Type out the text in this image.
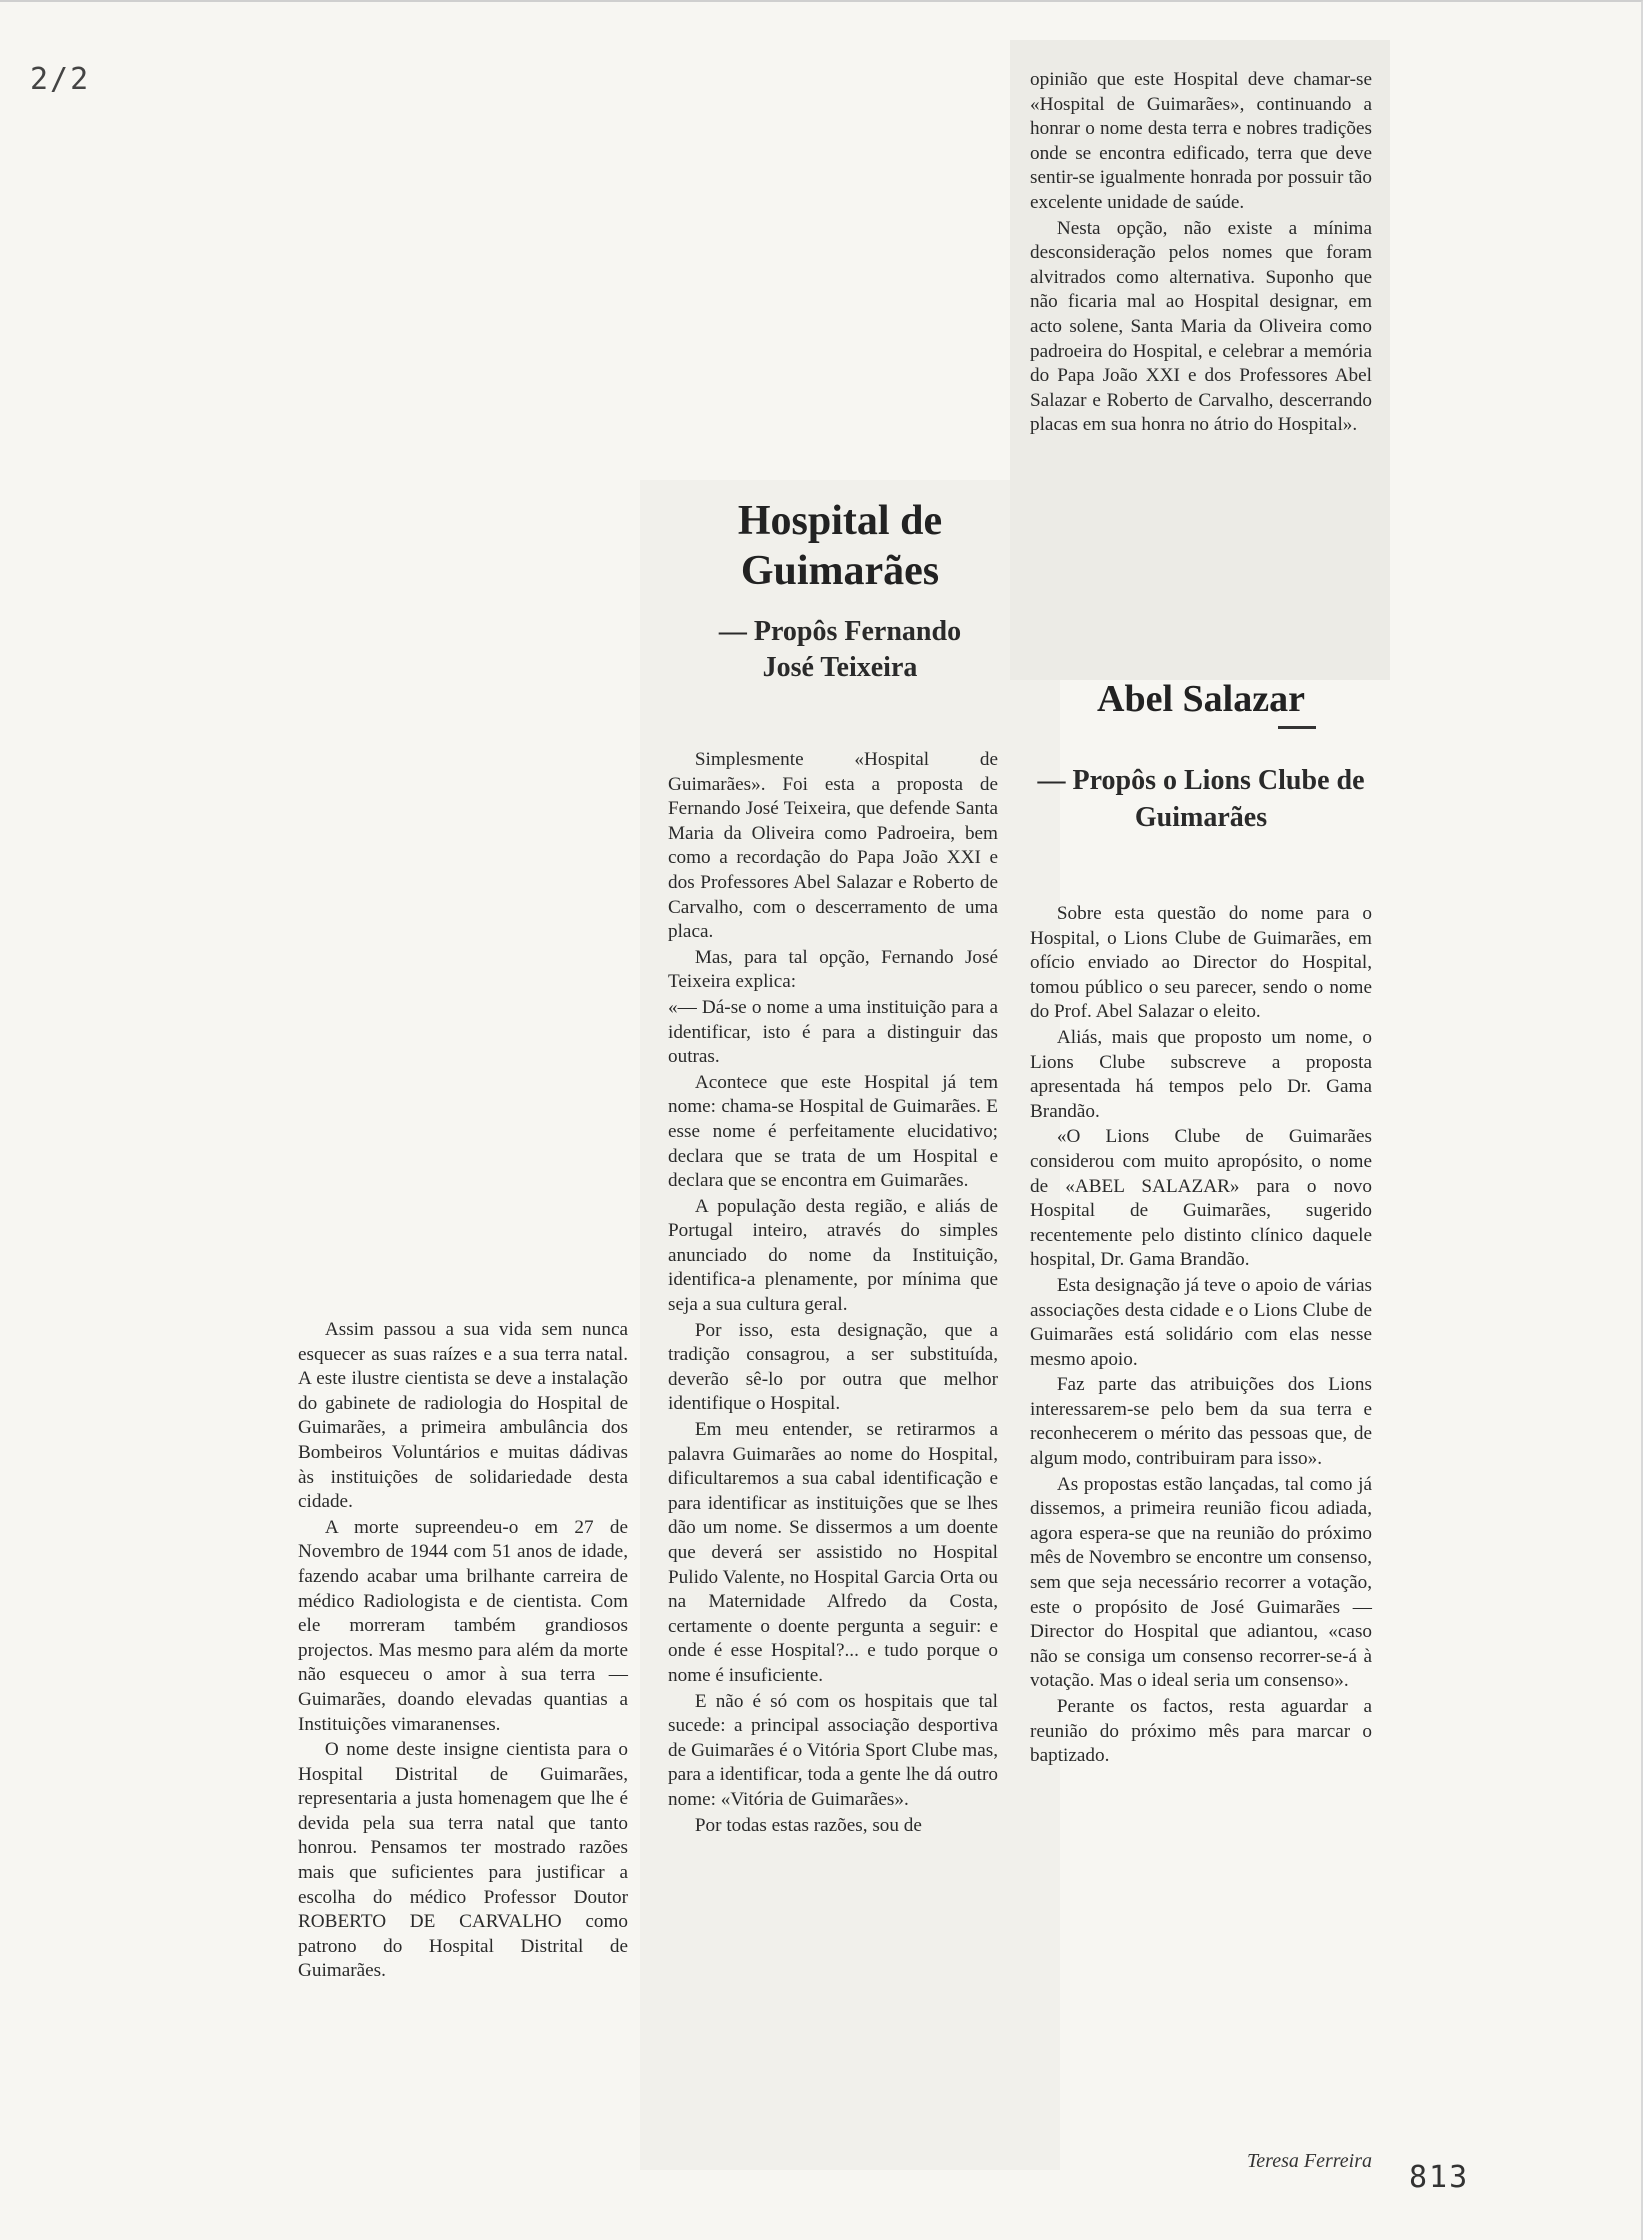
2/2

Assim passou a sua vida sem nunca esquecer as suas raízes e a sua terra natal. A este ilustre cientista se deve a instalação do gabinete de radiologia do Hospital de Guimarães, a primeira ambulância dos Bombeiros Voluntários e muitas dádivas às instituições de solidariedade desta cidade.

A morte supreendeu-o em 27 de Novembro de 1944 com 51 anos de idade, fazendo acabar uma brilhante carreira de médico Radiologista e de cientista. Com ele morreram também grandiosos projectos. Mas mesmo para além da morte não esqueceu o amor à sua terra — Guimarães, doando elevadas quantias a Instituições vimaranenses.

O nome deste insigne cientista para o Hospital Distrital de Guimarães, representaria a justa homenagem que lhe é devida pela sua terra natal que tanto honrou. Pensamos ter mostrado razões mais que suficientes para justificar a escolha do médico Professor Doutor ROBERTO DE CARVALHO como patrono do Hospital Distrital de Guimarães.

Hospital de Guimarães
— Propôs Fernando José Teixeira

Simplesmente «Hospital de Guimarães». Foi esta a proposta de Fernando José Teixeira, que defende Santa Maria da Oliveira como Padroeira, bem como a recordação do Papa João XXI e dos Professores Abel Salazar e Roberto de Carvalho, com o descerramento de uma placa.

Mas, para tal opção, Fernando José Teixeira explica:

«— Dá-se o nome a uma instituição para a identificar, isto é para a distinguir das outras.

Acontece que este Hospital já tem nome: chama-se Hospital de Guimarães. E esse nome é perfeitamente elucidativo; declara que se trata de um Hospital e declara que se encontra em Guimarães.

A população desta região, e aliás de Portugal inteiro, através do simples anunciado do nome da Instituição, identifica-a plenamente, por mínima que seja a sua cultura geral.

Por isso, esta designação, que a tradição consagrou, a ser substituída, deverão sê-lo por outra que melhor identifique o Hospital.

Em meu entender, se retirarmos a palavra Guimarães ao nome do Hospital, dificultaremos a sua cabal identificação e para identificar as instituições que se lhes dão um nome. Se dissermos a um doente que deverá ser assistido no Hospital Pulido Valente, no Hospital Garcia Orta ou na Maternidade Alfredo da Costa, certamente o doente pergunta a seguir: e onde é esse Hospital?... e tudo porque o nome é insuficiente.

E não é só com os hospitais que tal sucede: a principal associação desportiva de Guimarães é o Vitória Sport Clube mas, para a identificar, toda a gente lhe dá outro nome: «Vitória de Guimarães».

Por todas estas razões, sou de

opinião que este Hospital deve chamar-se «Hospital de Guimarães», continuando a honrar o nome desta terra e nobres tradições onde se encontra edificado, terra que deve sentir-se igualmente honrada por possuir tão excelente unidade de saúde.

Nesta opção, não existe a mínima desconsideração pelos nomes que foram alvitrados como alternativa. Suponho que não ficaria mal ao Hospital designar, em acto solene, Santa Maria da Oliveira como padroeira do Hospital, e celebrar a memória do Papa João XXI e dos Professores Abel Salazar e Roberto de Carvalho, descerrando placas em sua honra no átrio do Hospital».

Abel Salazar
— Propôs o Lions Clube de Guimarães

Sobre esta questão do nome para o Hospital, o Lions Clube de Guimarães, em ofício enviado ao Director do Hospital, tomou público o seu parecer, sendo o nome do Prof. Abel Salazar o eleito.

Aliás, mais que proposto um nome, o Lions Clube subscreve a proposta apresentada há tempos pelo Dr. Gama Brandão.

«O Lions Clube de Guimarães considerou com muito apropósito, o nome de «ABEL SALAZAR» para o novo Hospital de Guimarães, sugerido recentemente pelo distinto clínico daquele hospital, Dr. Gama Brandão.

Esta designação já teve o apoio de várias associações desta cidade e o Lions Clube de Guimarães está solidário com elas nesse mesmo apoio.

Faz parte das atribuições dos Lions interessarem-se pelo bem da sua terra e reconhecerem o mérito das pessoas que, de algum modo, contribuiram para isso».

As propostas estão lançadas, tal como já dissemos, a primeira reunião ficou adiada, agora espera-se que na reunião do próximo mês de Novembro se encontre um consenso, sem que seja necessário recorrer a votação, este o propósito de José Guimarães — Director do Hospital que adiantou, «caso não se consiga um consenso recorrer-se-á à votação. Mas o ideal seria um consenso».

Perante os factos, resta aguardar a reunião do próximo mês para marcar o baptizado.

Teresa Ferreira 813
